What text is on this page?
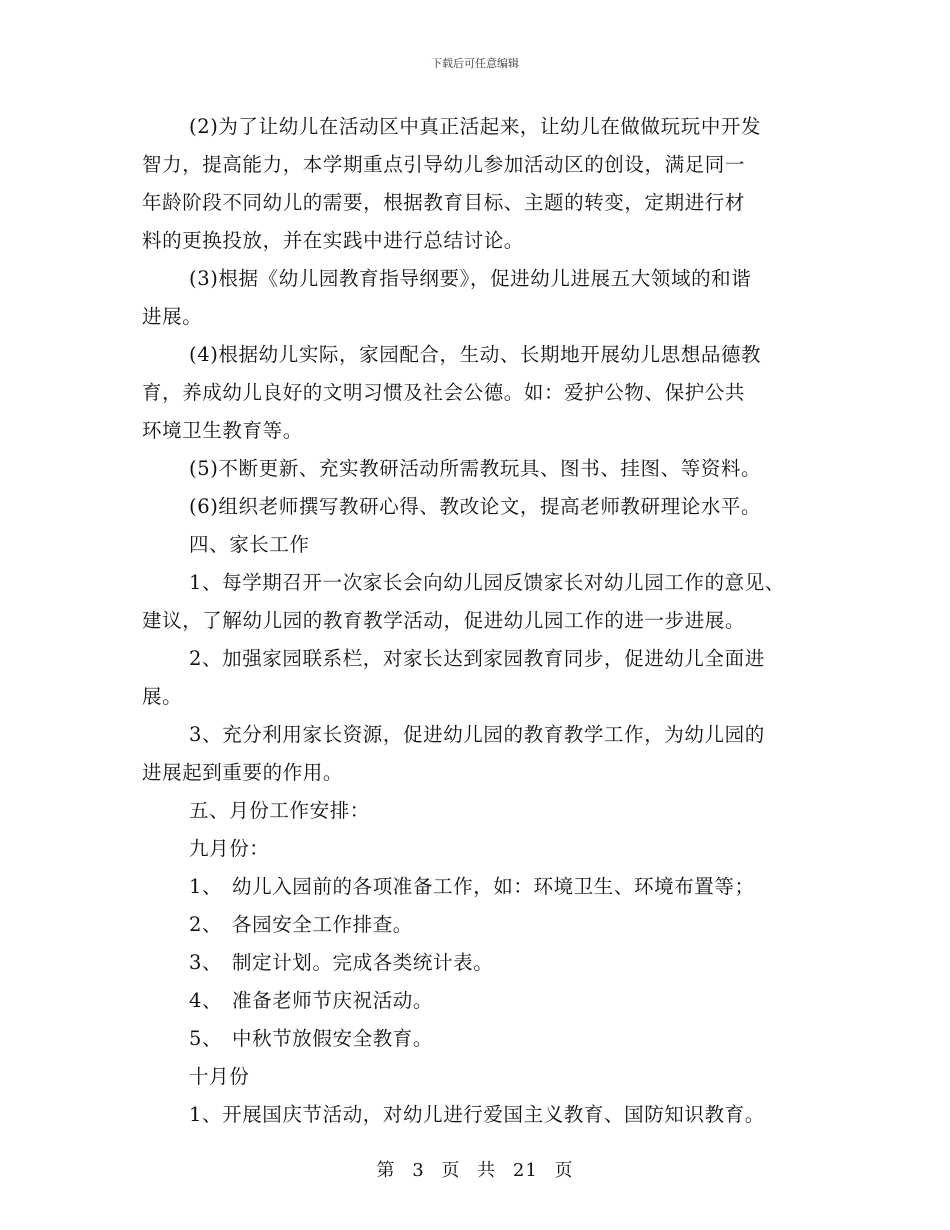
下载后可任意编辑
(2)为了让幼儿在活动区中真正活起来，让幼儿在做做玩玩中开发
智力，提高能力，本学期重点引导幼儿参加活动区的创设，满足同一
年龄阶段不同幼儿的需要，根据教育目标、主题的转变，定期进行材
料的更换投放，并在实践中进行总结讨论。
(3)根据《幼儿园教育指导纲要》，促进幼儿进展五大领域的和谐
进展。
(4)根据幼儿实际，家园配合，生动、长期地开展幼儿思想品德教
育，养成幼儿良好的文明习惯及社会公德。如：爱护公物、保护公共
环境卫生教育等。
(5)不断更新、充实教研活动所需教玩具、图书、挂图、等资料。
(6)组织老师撰写教研心得、教改论文，提高老师教研理论水平。
四、家长工作
1、每学期召开一次家长会向幼儿园反馈家长对幼儿园工作的意见、
建议，了解幼儿园的教育教学活动，促进幼儿园工作的进一步进展。
2、加强家园联系栏，对家长达到家园教育同步，促进幼儿全面进
展。
3、充分利用家长资源，促进幼儿园的教育教学工作，为幼儿园的
进展起到重要的作用。
五、月份工作安排：
九月份：
1、 幼儿入园前的各项准备工作，如：环境卫生、环境布置等；
2、 各园安全工作排查。
3、 制定计划。完成各类统计表。
4、 准备老师节庆祝活动。
5、 中秋节放假安全教育。
十月份
1、开展国庆节活动，对幼儿进行爱国主义教育、国防知识教育。
第 3 页 共 21 页
